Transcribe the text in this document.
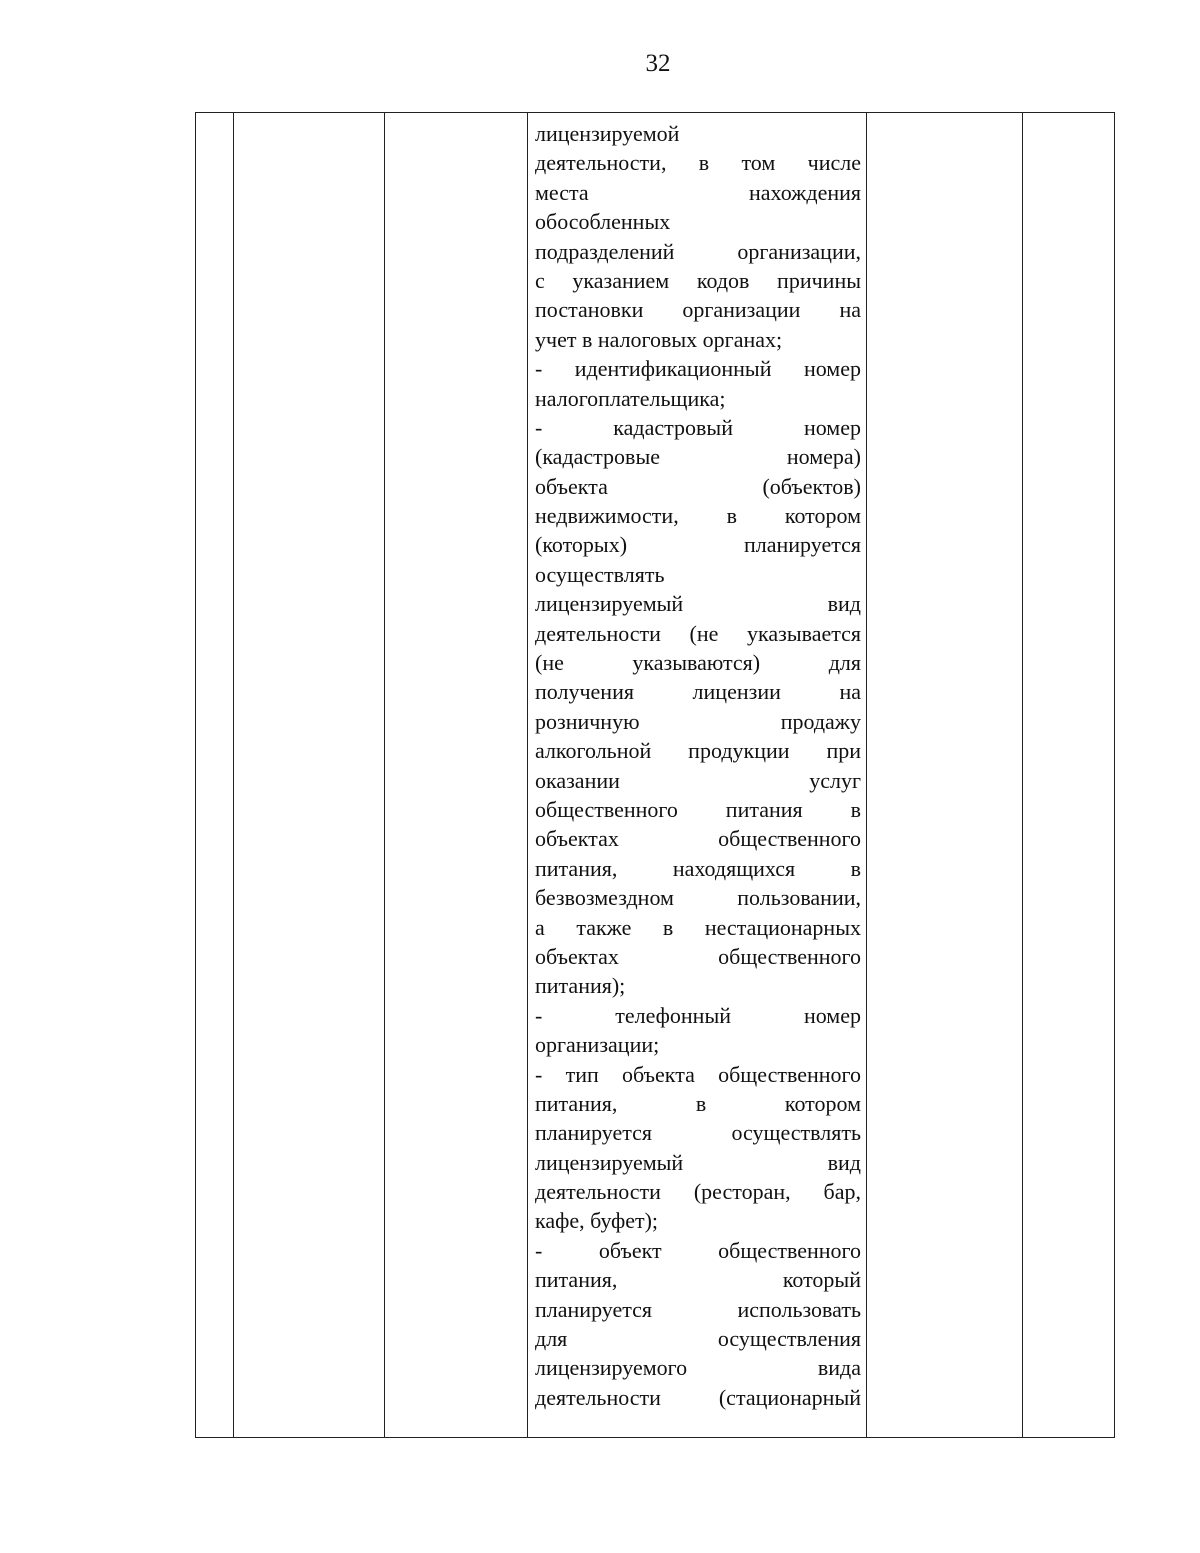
32
лицензируемой
деятельности, в том числе
места нахождения
обособленных
подразделений организации,
с указанием кодов причины
постановки организации на
учет в налоговых органах;
- идентификационный номер
налогоплательщика;
- кадастровый номер
(кадастровые номера)
объекта (объектов)
недвижимости, в котором
(которых) планируется
осуществлять
лицензируемый вид
деятельности (не указывается
(не указываются) для
получения лицензии на
розничную продажу
алкогольной продукции при
оказании услуг
общественного питания в
объектах общественного
питания, находящихся в
безвозмездном пользовании,
а также в нестационарных
объектах общественного
питания);
- телефонный номер
организации;
- тип объекта общественного
питания, в котором
планируется осуществлять
лицензируемый вид
деятельности (ресторан, бар,
кафе, буфет);
- объект общественного
питания, который
планируется использовать
для осуществления
лицензируемого вида
деятельности (стационарный
